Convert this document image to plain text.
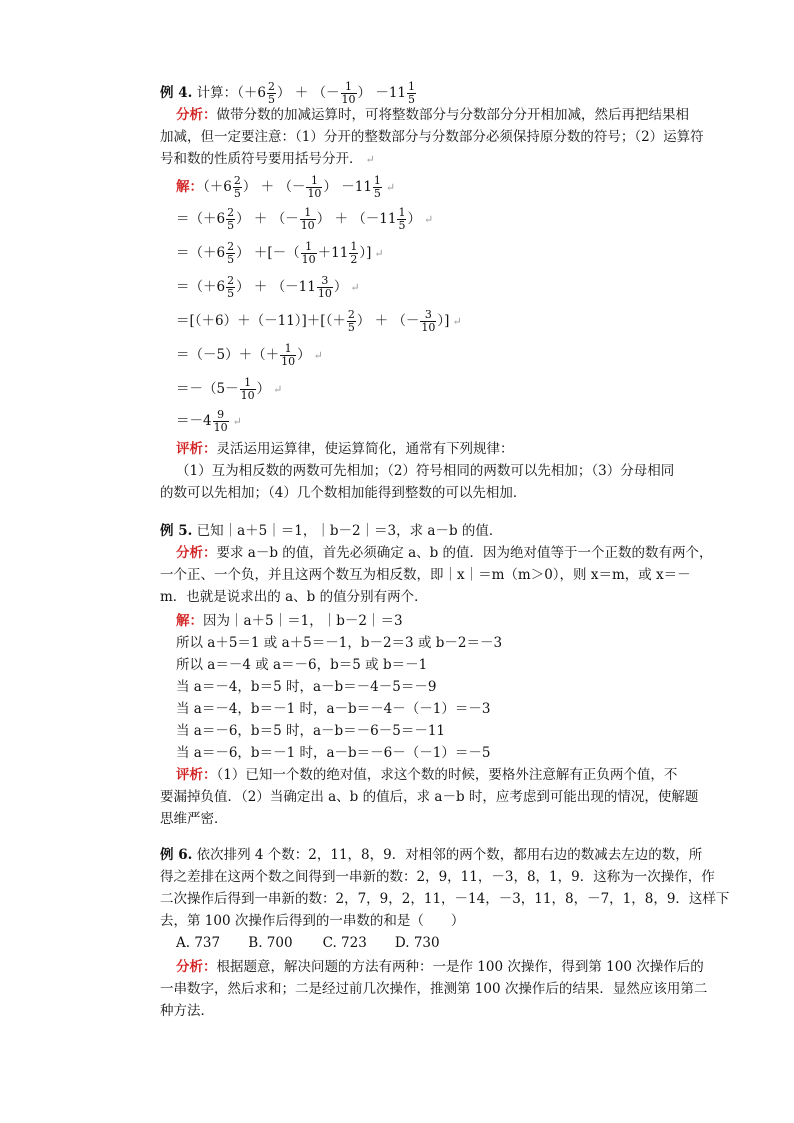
例 4. 计算：（$+6 \frac{2}{5}$ ） ＋ （－ $\frac{1}{10}$ ） $-11 \frac{1}{5}$
分析：做带分数的加减运算时，可将整数部分与分数部分分开相加减，然后再把结果相
加减，但一定要注意：（1）分开的整数部分与分数部分必须保持原分数的符号；（2）运算符
号和数的性质符号要用括号分开． ↵
解：（$+6 \frac{2}{5}$ ） ＋ （－ $\frac{1}{10}$ ） $-11 \frac{1}{5}$ ↵
$=(+6 \frac{2}{5}$ ） ＋ （－ $\frac{1}{10}$ ） ＋ （$-11 \frac{1}{5}$ ） ↵
$=(+6 \frac{2}{5}$ ） ＋[－（ $\frac{1}{10} +11 \frac{1}{2}$ ）] ↵
$=(+6 \frac{2}{5}$ ） ＋ （$-11 \frac{3}{10}$ ） ↵
$=[(+6)+(-11)]+[(+ \frac{2}{5}$ ） ＋ （－ $\frac{3}{10}$ ）] ↵
$=(-5)+(+ \frac{1}{10}$ ） ↵
$=-(5- \frac{1}{10}$ ） ↵
$=-4 \frac{9}{10}$ ↵
评析：灵活运用运算律，使运算简化，通常有下列规律：
（1）互为相反数的两数可先相加；（2）符号相同的两数可以先相加；（3）分母相同
的数可以先相加；（4）几个数相加能得到整数的可以先相加．
例 5. 已知｜a＋5｜＝1，｜b－2｜＝3，求 a－b 的值．
分析：要求 a－b 的值，首先必须确定 a、b 的值．因为绝对值等于一个正数的数有两个，
一个正、一个负，并且这两个数互为相反数，即｜x｜＝m（m＞0），则 x＝m，或 x＝－
m．也就是说求出的 a、b 的值分别有两个．
解：因为｜a＋5｜＝1，｜b－2｜＝3
所以 a＋5＝1 或 a＋5＝－1，b－2＝3 或 b－2＝－3
所以 a＝－4 或 a＝－6，b＝5 或 b＝－1
当 a＝－4，b＝5 时，a－b＝－4－5＝－9
当 a＝－4，b＝－1 时，a－b＝－4－（－1）＝－3
当 a＝－6，b＝5 时，a－b＝－6－5＝－11
当 a＝－6，b＝－1 时，a－b＝－6－（－1）＝－5
评析：（1）已知一个数的绝对值，求这个数的时候，要格外注意解有正负两个值，不
要漏掉负值．（2）当确定出 a、b 的值后，求 a－b 时，应考虑到可能出现的情况，使解题
思维严密．
例 6. 依次排列 4 个数：2，11，8，9．对相邻的两个数，都用右边的数减去左边的数，所
得之差排在这两个数之间得到一串新的数：2，9，11，－3，8，1，9．这称为一次操作，作
二次操作后得到一串新的数：2，7，9，2，11，－14，－3，11，8，－7，1，8，9．这样下
去，第 100 次操作后得到的一串数的和是（　　）
A. 737 B. 700 C. 723 D. 730
分析：根据题意，解决问题的方法有两种：一是作 100 次操作，得到第 100 次操作后的
一串数字，然后求和；二是经过前几次操作，推测第 100 次操作后的结果．显然应该用第二
种方法．
